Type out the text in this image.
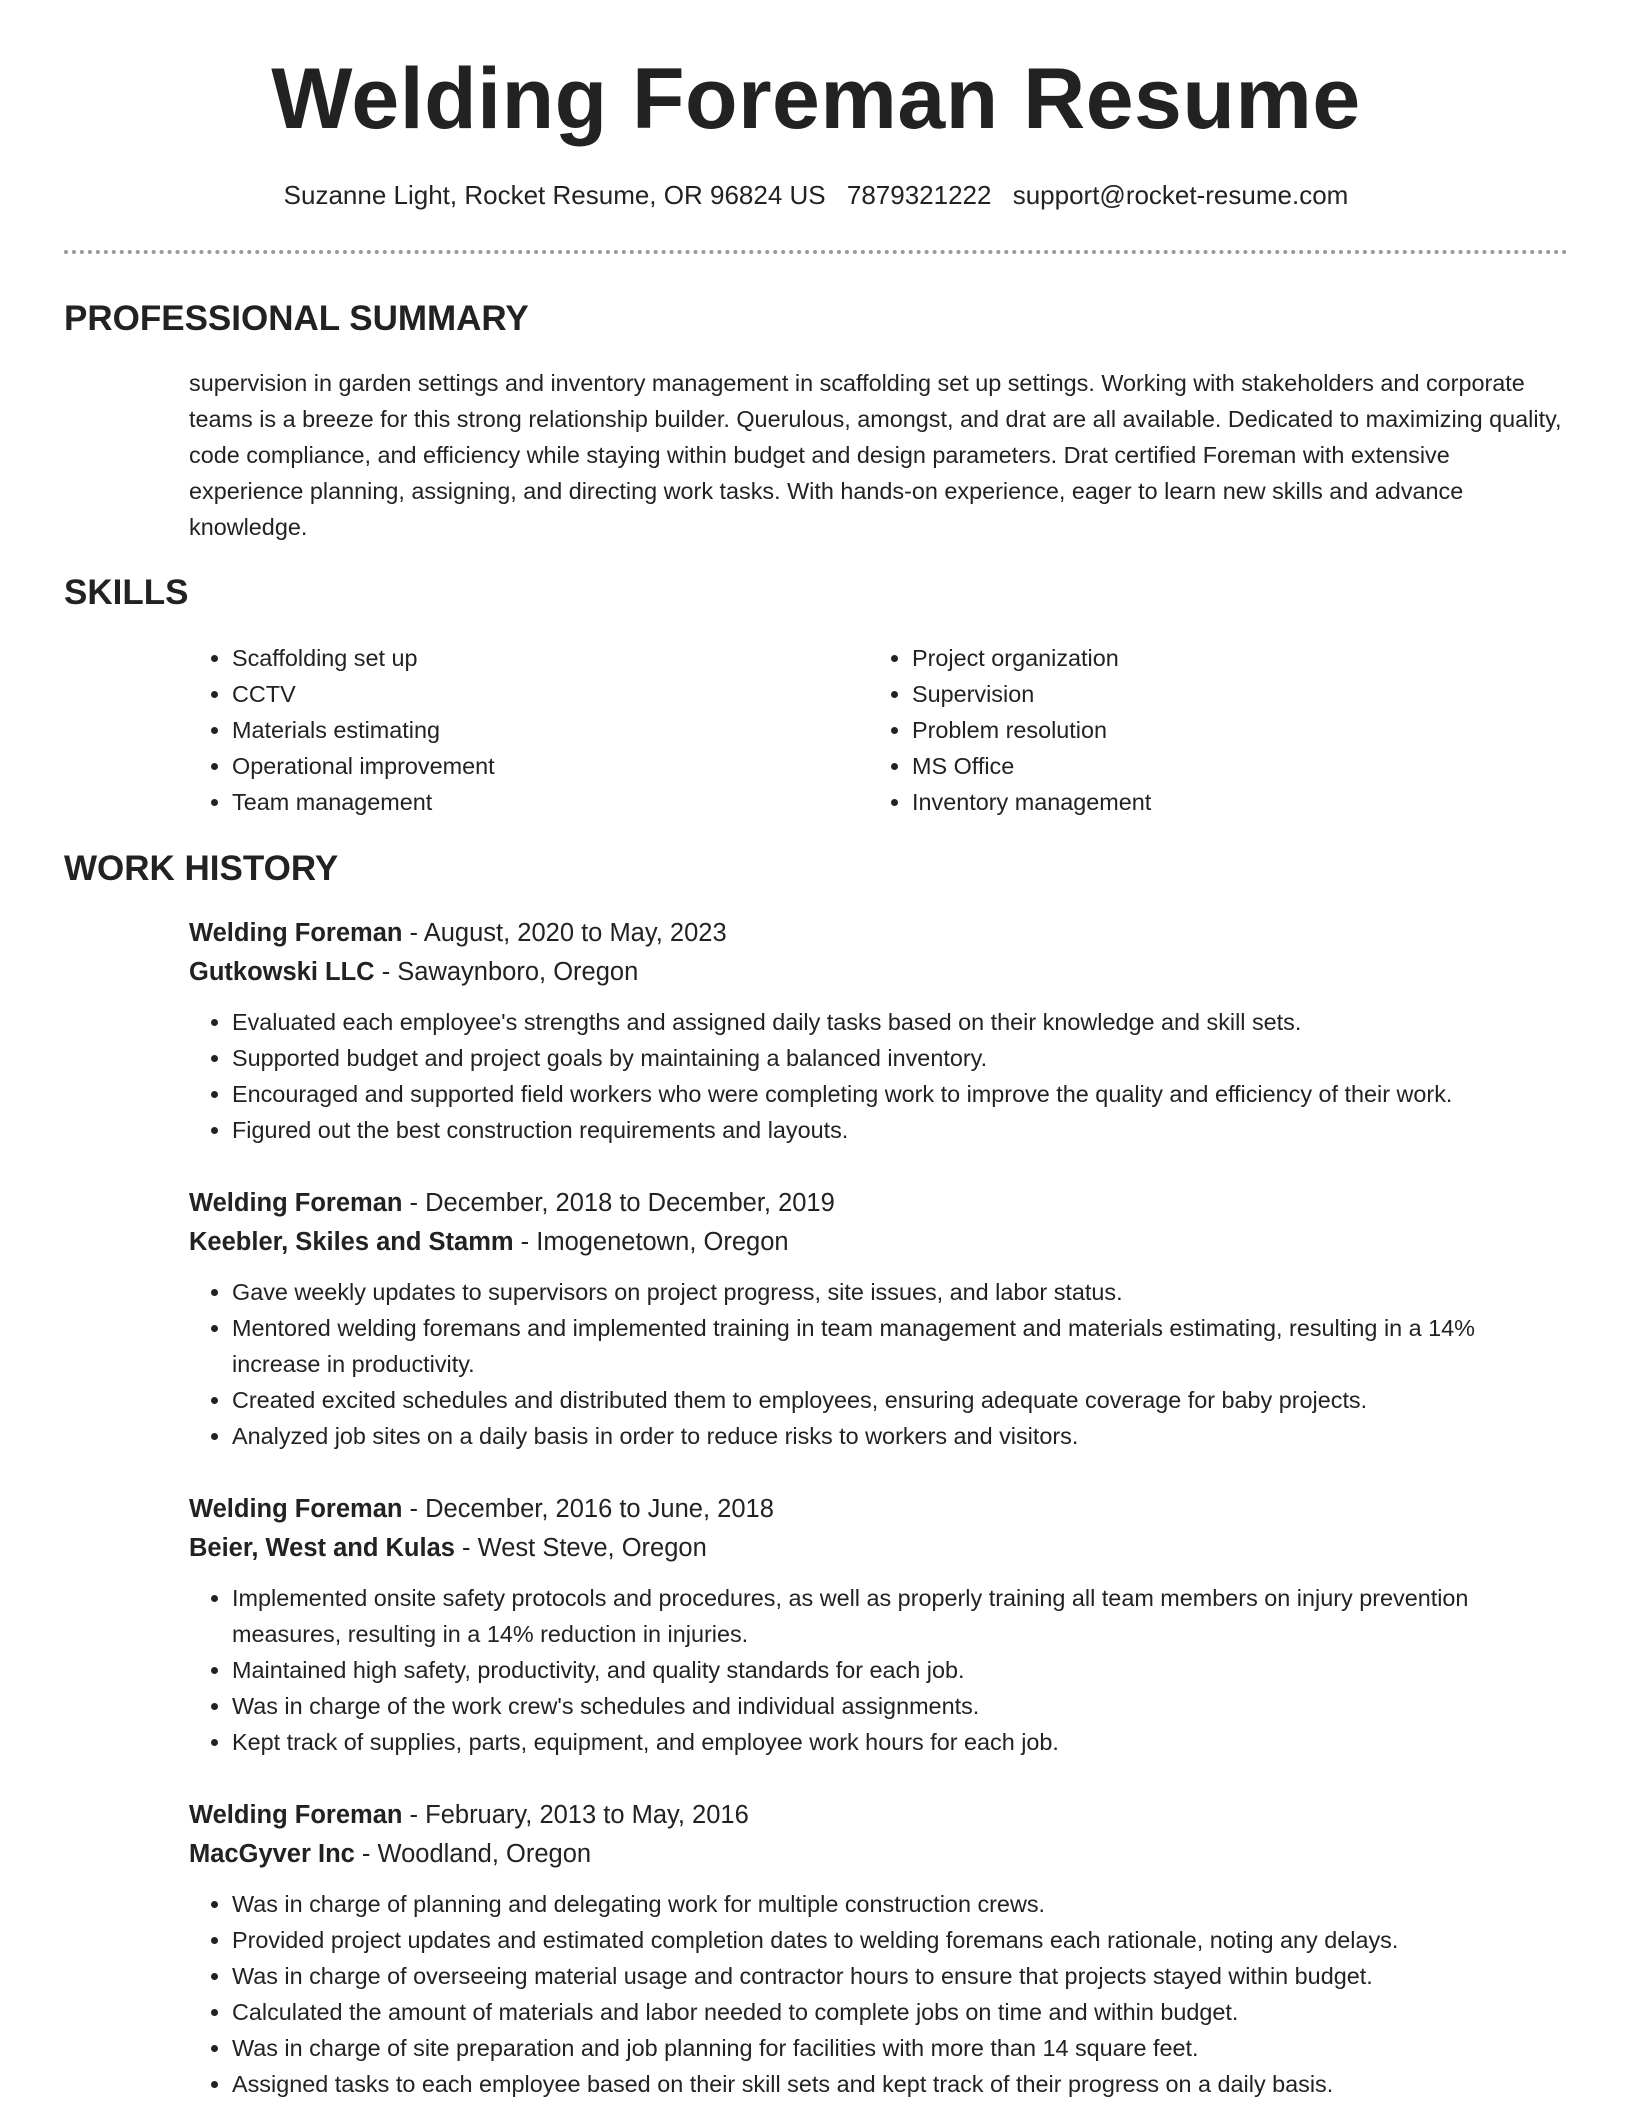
Welding Foreman Resume
Suzanne Light, Rocket Resume, OR 96824 US 7879321222 support@rocket-resume.com
PROFESSIONAL SUMMARY
supervision in garden settings and inventory management in scaffolding set up settings. Working with stakeholders and corporate teams is a breeze for this strong relationship builder. Querulous, amongst, and drat are all available. Dedicated to maximizing quality, code compliance, and efficiency while staying within budget and design parameters. Drat certified Foreman with extensive experience planning, assigning, and directing work tasks. With hands-on experience, eager to learn new skills and advance knowledge.
SKILLS
• Scaffolding set up
• CCTV
• Materials estimating
• Operational improvement
• Team management
• Project organization
• Supervision
• Problem resolution
• MS Office
• Inventory management
WORK HISTORY
Welding Foreman - August, 2020 to May, 2023
Gutkowski LLC - Sawaynboro, Oregon
• Evaluated each employee's strengths and assigned daily tasks based on their knowledge and skill sets.
• Supported budget and project goals by maintaining a balanced inventory.
• Encouraged and supported field workers who were completing work to improve the quality and efficiency of their work.
• Figured out the best construction requirements and layouts.
Welding Foreman - December, 2018 to December, 2019
Keebler, Skiles and Stamm - Imogenetown, Oregon
• Gave weekly updates to supervisors on project progress, site issues, and labor status.
• Mentored welding foremans and implemented training in team management and materials estimating, resulting in a 14% increase in productivity.
• Created excited schedules and distributed them to employees, ensuring adequate coverage for baby projects.
• Analyzed job sites on a daily basis in order to reduce risks to workers and visitors.
Welding Foreman - December, 2016 to June, 2018
Beier, West and Kulas - West Steve, Oregon
• Implemented onsite safety protocols and procedures, as well as properly training all team members on injury prevention measures, resulting in a 14% reduction in injuries.
• Maintained high safety, productivity, and quality standards for each job.
• Was in charge of the work crew's schedules and individual assignments.
• Kept track of supplies, parts, equipment, and employee work hours for each job.
Welding Foreman - February, 2013 to May, 2016
MacGyver Inc - Woodland, Oregon
• Was in charge of planning and delegating work for multiple construction crews.
• Provided project updates and estimated completion dates to welding foremans each rationale, noting any delays.
• Was in charge of overseeing material usage and contractor hours to ensure that projects stayed within budget.
• Calculated the amount of materials and labor needed to complete jobs on time and within budget.
• Was in charge of site preparation and job planning for facilities with more than 14 square feet.
• Assigned tasks to each employee based on their skill sets and kept track of their progress on a daily basis.
